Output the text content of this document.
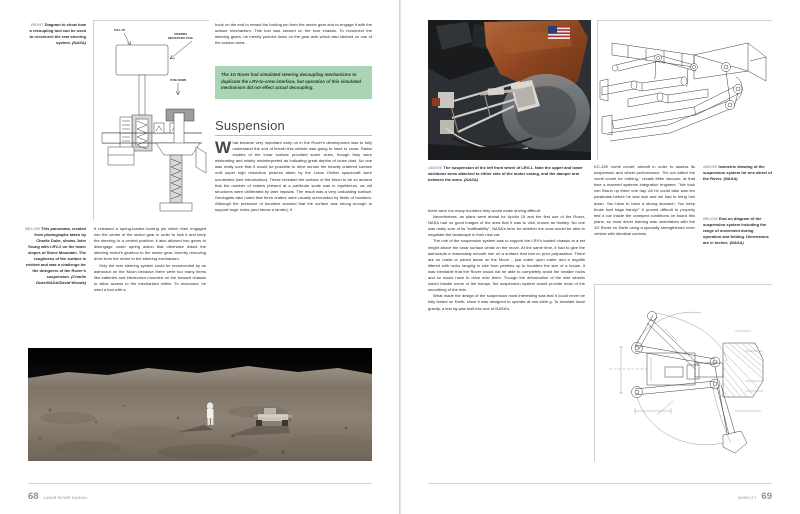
RIGHT Diagram to show how a recoupling tool can be used to reconnect the rear steering system. (NASA)
PULL UP
STEERING
RECOUPLING TOOL
PUSH DOWN

hook on the end to retract the locking pin from the sector gear and re-engage it with the scissor mechanism. This tool was stowed on the rear chassis. To reconnect the steering gears, he merely pushed down on the gear axle which also latched on one of the scissor arms.

The 1G Rover had simulated steering decoupling mechanisms to duplicate the LRV-to-crew interface, but operation of this simulated mechanism did not effect actual decoupling.
Suspension
W hat became very important early on in the Rover's development was to fully understand the sort of terrain this vehicle was going to have to cross. Radar studies of the lunar surface provided some clues, though they were misleading and widely misinterpreted as indicating great depths of loose dust. No one was really sure that it would be possible to drive across the heavily cratered surface until super high resolution pictures taken by the Lunar Orbiter spacecraft were scrutinised (see Introduction). These revealed the surface of the Moon to be so ancient that the number of craters present at a particular scale was in equilibrium, as old structures were obliterated by later impacts. The result was a very undulating surface. Geologists also noted that fresh craters were usually surrounded by fields of boulders. Although the presence of boulders showed that the surface was strong enough to support large rocks (and hence a lander), if
BELOW This panorama, created from photographs taken by Charlie Duke, shows John Young with LRV-2 on the lower slopes of Stone Mountain. The roughness of the surface is evident and was a challenge for the designers of the Rover's suspension. (Charlie Duke/NASA/David Woods)

It released a spring-loaded locking pin which then engaged into the centre of the sector gear in order to lock it and keep the steering in a central position; it also allowed two gears to disengage under spring action that otherwise linked the steering motor's gearbox to the sector gear, thereby removing drive from the motor to the steering mechanism.

Only the rear steering system could be reconnected by an astronaut on the Moon because there were too many items like batteries and electronics mounted on the forward chassis to allow access to the mechanism within. To reconnect, he used a tool with a

68 LUNAR ROVER MANUAL
ABOVE The suspension of the left front wheel of LRV-1. Note the upper and lower wishbone arms attached to either side of the motor casing, and the damper arm between the arms. (NASA)
ABOVE Isometric drawing of the suspension system for one wheel of the Rover. (NASA)
BELOW End-on diagram of the suspension system including the range of movement during operation and folding. Dimensions are in inches. (NASA)

there were too many boulders they would make driving difficult.

Nevertheless, as plans went ahead for Apollo 15 and the first use of the Rover, NASA had no good images of the area that it was to visit, known as Hadley. No one was really sure of its "trafficability", NASA's term for whether the crew would be able to negotiate the landscape in their new car.

The role of the suspension system was to support the LRV's loaded chassis at a set height above the lunar surface whilst on the move. At the same time, it had to give the astronauts a reasonably smooth ride on a surface that had no prior preparation. There are no roads or paved areas on the Moon – just crater upon crater and a regolith littered with rocks ranging in size from pebbles up to boulders the size of a house. It was inevitable that the Rover would not be able to completely avoid the smaller rocks and so would have to drive over them. Though the deformation of the wire wheels would handle some of the bumps, the suspension system would provide most of the smoothing of the ride.

What made the design of the suspension most interesting was that it could never be fully tested on Earth, since it was designed to operate at one-sixth g. To simulate lunar gravity, a test rig was built into one of NASA's

KC-135 'vomit comet' aircraft in order to assess its suspension and wheel performance. "It's not called the vomit comet for nothing," recalls Mike Vaccaro, at that time a manned systems integration engineer. "We took von Braun up there one day. All he could take was ten parabolas before he was sick and we had to bring him down. You have to have a strong stomach. You keep those barf bags handy!" It proved difficult to properly test a car inside the cramped conditions on board this plane, so most driver training was undertaken with the 1G Rover on Earth using a specially strengthened rover vehicle with identical controls.

69
MOBILITY
